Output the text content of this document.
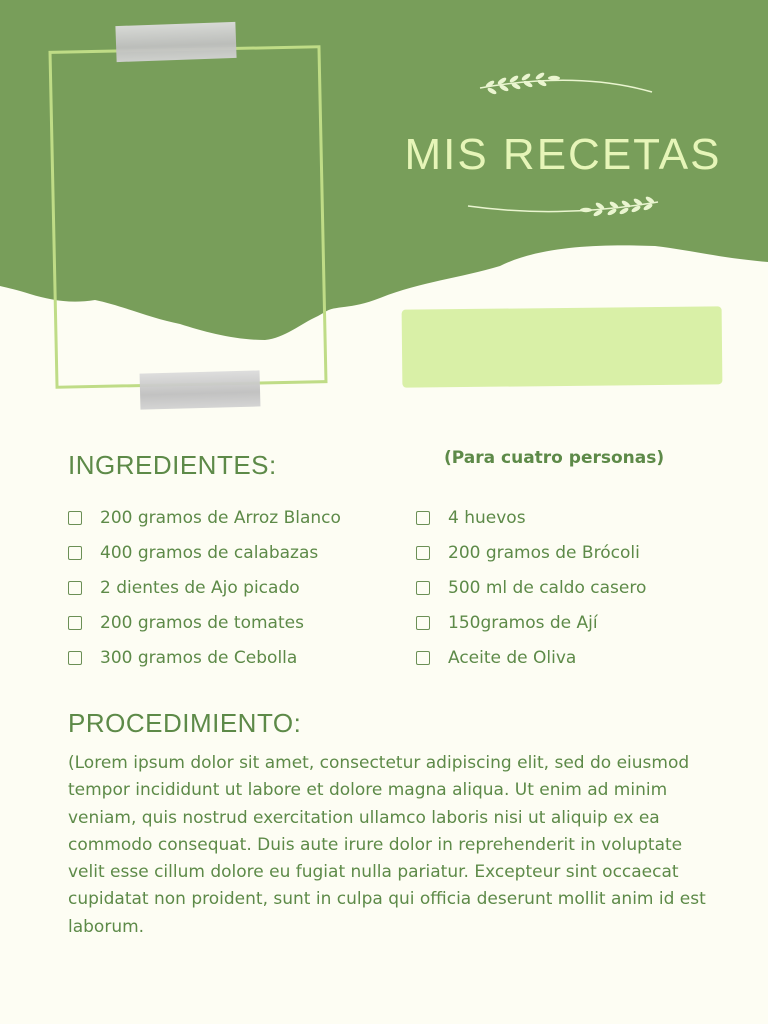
MIS RECETAS
INGREDIENTES:	(Para cuatro personas)

200 gramos de Arroz Blanco
400 gramos de calabazas
2 dientes de Ajo picado
200 gramos de tomates
300 gramos de Cebolla
4 huevos
200 gramos de Brócoli
500 ml de caldo casero
150gramos de Ají
Aceite de Oliva
PROCEDIMIENTO:

(Lorem ipsum dolor sit amet, consectetur adipiscing elit, sed do eiusmod tempor incididunt ut labore et dolore magna aliqua. Ut enim ad minim veniam, quis nostrud exercitation ullamco laboris nisi ut aliquip ex ea commodo consequat. Duis aute irure dolor in reprehenderit in voluptate velit esse cillum dolore eu fugiat nulla pariatur. Excepteur sint occaecat cupidatat non proident, sunt in culpa qui officia deserunt mollit anim id est laborum.
